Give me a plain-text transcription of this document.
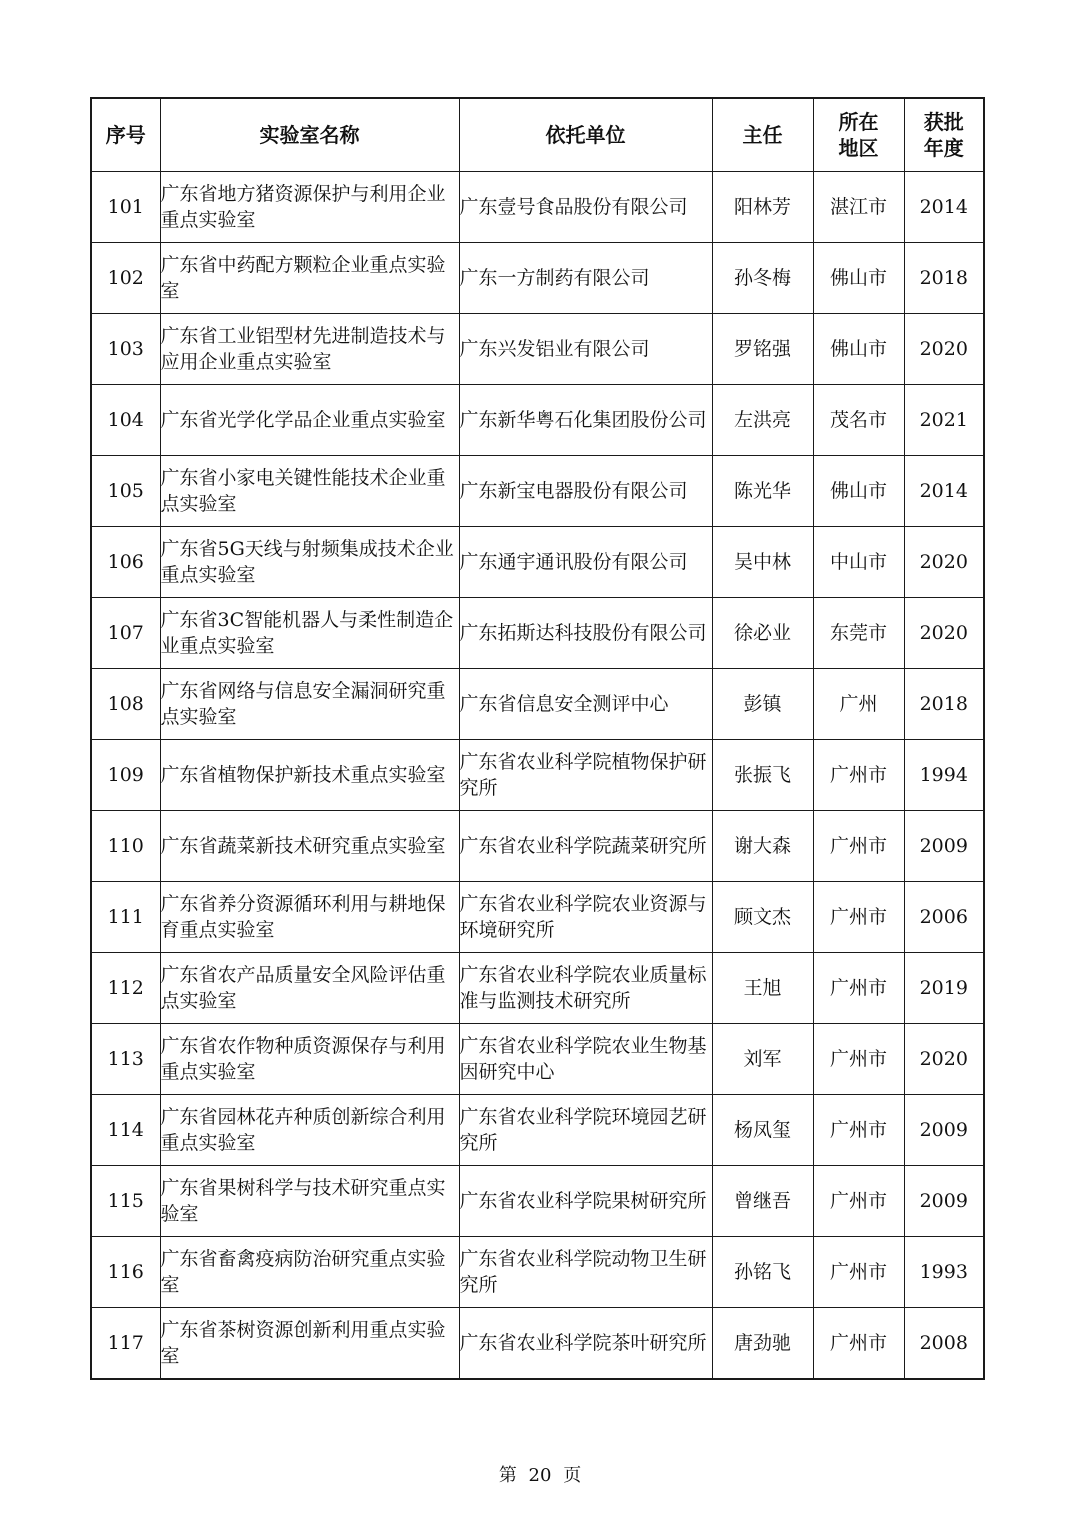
序号	实验室名称	依托单位	主任	所在地区	获批年度
101	广东省地方猪资源保护与利用企业重点实验室	广东壹号食品股份有限公司	阳林芳	湛江市	2014
102	广东省中药配方颗粒企业重点实验室	广东一方制药有限公司	孙冬梅	佛山市	2018
103	广东省工业铝型材先进制造技术与应用企业重点实验室	广东兴发铝业有限公司	罗铭强	佛山市	2020
104	广东省光学化学品企业重点实验室	广东新华粤石化集团股份公司	左洪亮	茂名市	2021
105	广东省小家电关键性能技术企业重点实验室	广东新宝电器股份有限公司	陈光华	佛山市	2014
106	广东省5G天线与射频集成技术企业重点实验室	广东通宇通讯股份有限公司	吴中林	中山市	2020
107	广东省3C智能机器人与柔性制造企业重点实验室	广东拓斯达科技股份有限公司	徐必业	东莞市	2020
108	广东省网络与信息安全漏洞研究重点实验室	广东省信息安全测评中心	彭镇	广州	2018
109	广东省植物保护新技术重点实验室	广东省农业科学院植物保护研究所	张振飞	广州市	1994
110	广东省蔬菜新技术研究重点实验室	广东省农业科学院蔬菜研究所	谢大森	广州市	2009
111	广东省养分资源循环利用与耕地保育重点实验室	广东省农业科学院农业资源与环境研究所	顾文杰	广州市	2006
112	广东省农产品质量安全风险评估重点实验室	广东省农业科学院农业质量标准与监测技术研究所	王旭	广州市	2019
113	广东省农作物种质资源保存与利用重点实验室	广东省农业科学院农业生物基因研究中心	刘军	广州市	2020
114	广东省园林花卉种质创新综合利用重点实验室	广东省农业科学院环境园艺研究所	杨凤玺	广州市	2009
115	广东省果树科学与技术研究重点实验室	广东省农业科学院果树研究所	曾继吾	广州市	2009
116	广东省畜禽疫病防治研究重点实验室	广东省农业科学院动物卫生研究所	孙铭飞	广州市	1993
117	广东省茶树资源创新利用重点实验室	广东省农业科学院茶叶研究所	唐劲驰	广州市	2008
第 20 页
